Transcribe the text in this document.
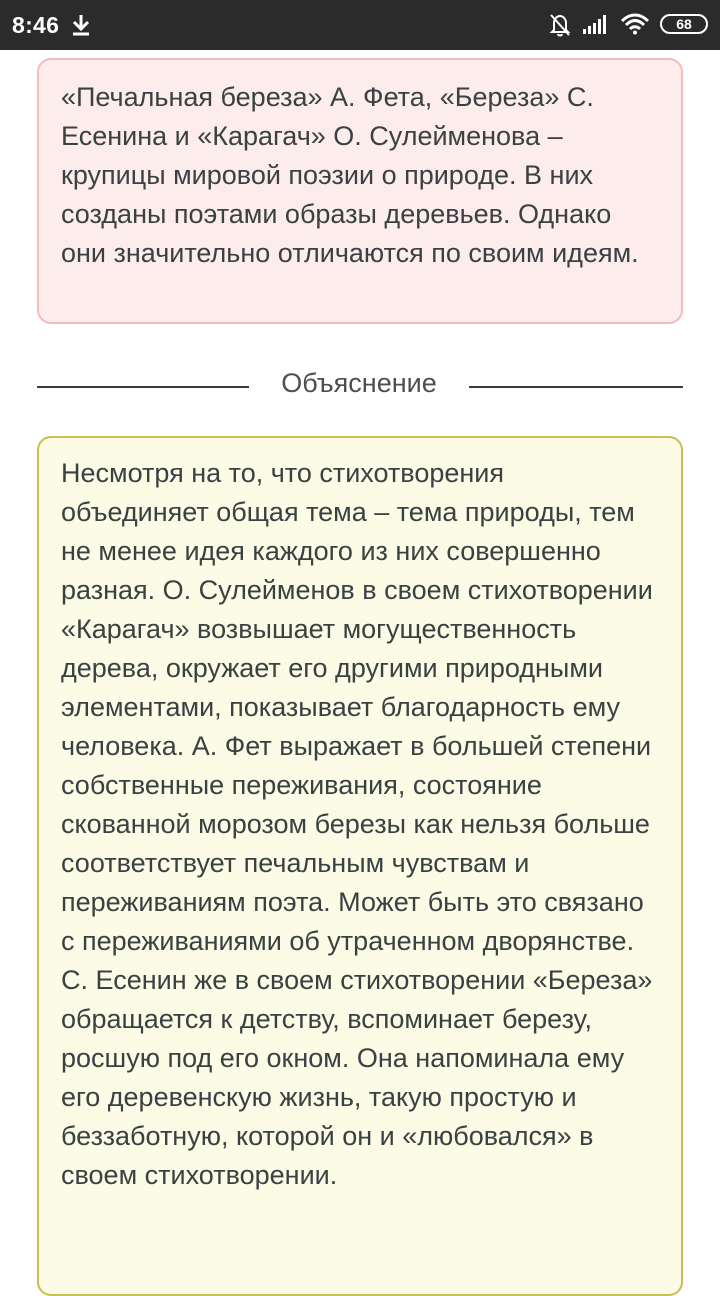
8:46	68
«Печальная береза» А. Фета, «Береза» С. Есенина и «Карагач» О. Сулейменова – крупицы мировой поэзии о природе. В них созданы поэтами образы деревьев. Однако они значительно отличаются по своим идеям.
Объяснение
Несмотря на то, что стихотворения объединяет общая тема – тема природы, тем не менее идея каждого из них совершенно разная. О. Сулейменов в своем стихотворении «Карагач» возвышает могущественность дерева, окружает его другими природными элементами, показывает благодарность ему человека. А. Фет выражает в большей степени собственные переживания, состояние скованной морозом березы как нельзя больше соответствует печальным чувствам и переживаниям поэта. Может быть это связано с переживаниями об утраченном дворянстве. С. Есенин же в своем стихотворении «Береза» обращается к детству, вспоминает березу, росшую под его окном. Она напоминала ему его деревенскую жизнь, такую простую и беззаботную, которой он и «любовался» в своем стихотворении.
